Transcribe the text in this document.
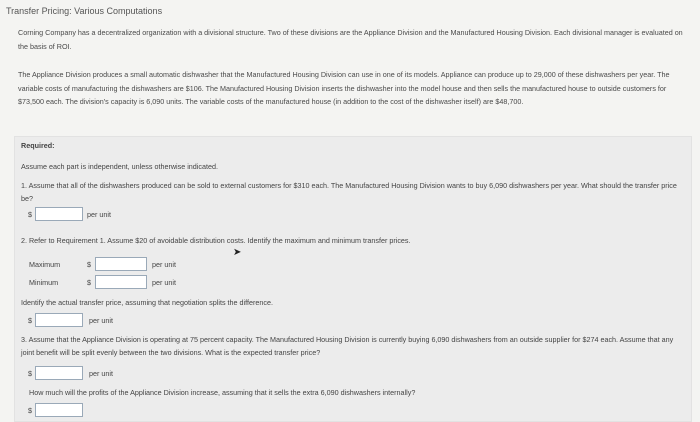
Transfer Pricing: Various Computations
Corning Company has a decentralized organization with a divisional structure. Two of these divisions are the Appliance Division and the Manufactured Housing Division. Each divisional manager is evaluated on the basis of ROI.
The Appliance Division produces a small automatic dishwasher that the Manufactured Housing Division can use in one of its models. Appliance can produce up to 29,000 of these dishwashers per year. The variable costs of manufacturing the dishwashers are $106. The Manufactured Housing Division inserts the dishwasher into the model house and then sells the manufactured house to outside customers for $73,500 each. The division's capacity is 6,090 units. The variable costs of the manufactured house (in addition to the cost of the dishwasher itself) are $48,700.
Required:
Assume each part is independent, unless otherwise indicated.
1. Assume that all of the dishwashers produced can be sold to external customers for $310 each. The Manufactured Housing Division wants to buy 6,090 dishwashers per year. What should the transfer price be?
$	per unit
2. Refer to Requirement 1. Assume $20 of avoidable distribution costs. Identify the maximum and minimum transfer prices.
Maximum	$	per unit
Minimum	$	per unit
➤
Identify the actual transfer price, assuming that negotiation splits the difference.
$	per unit
3. Assume that the Appliance Division is operating at 75 percent capacity. The Manufactured Housing Division is currently buying 6,090 dishwashers from an outside supplier for $274 each. Assume that any joint benefit will be split evenly between the two divisions. What is the expected transfer price?
$	per unit
How much will the profits of the Appliance Division increase, assuming that it sells the extra 6,090 dishwashers internally?
$
